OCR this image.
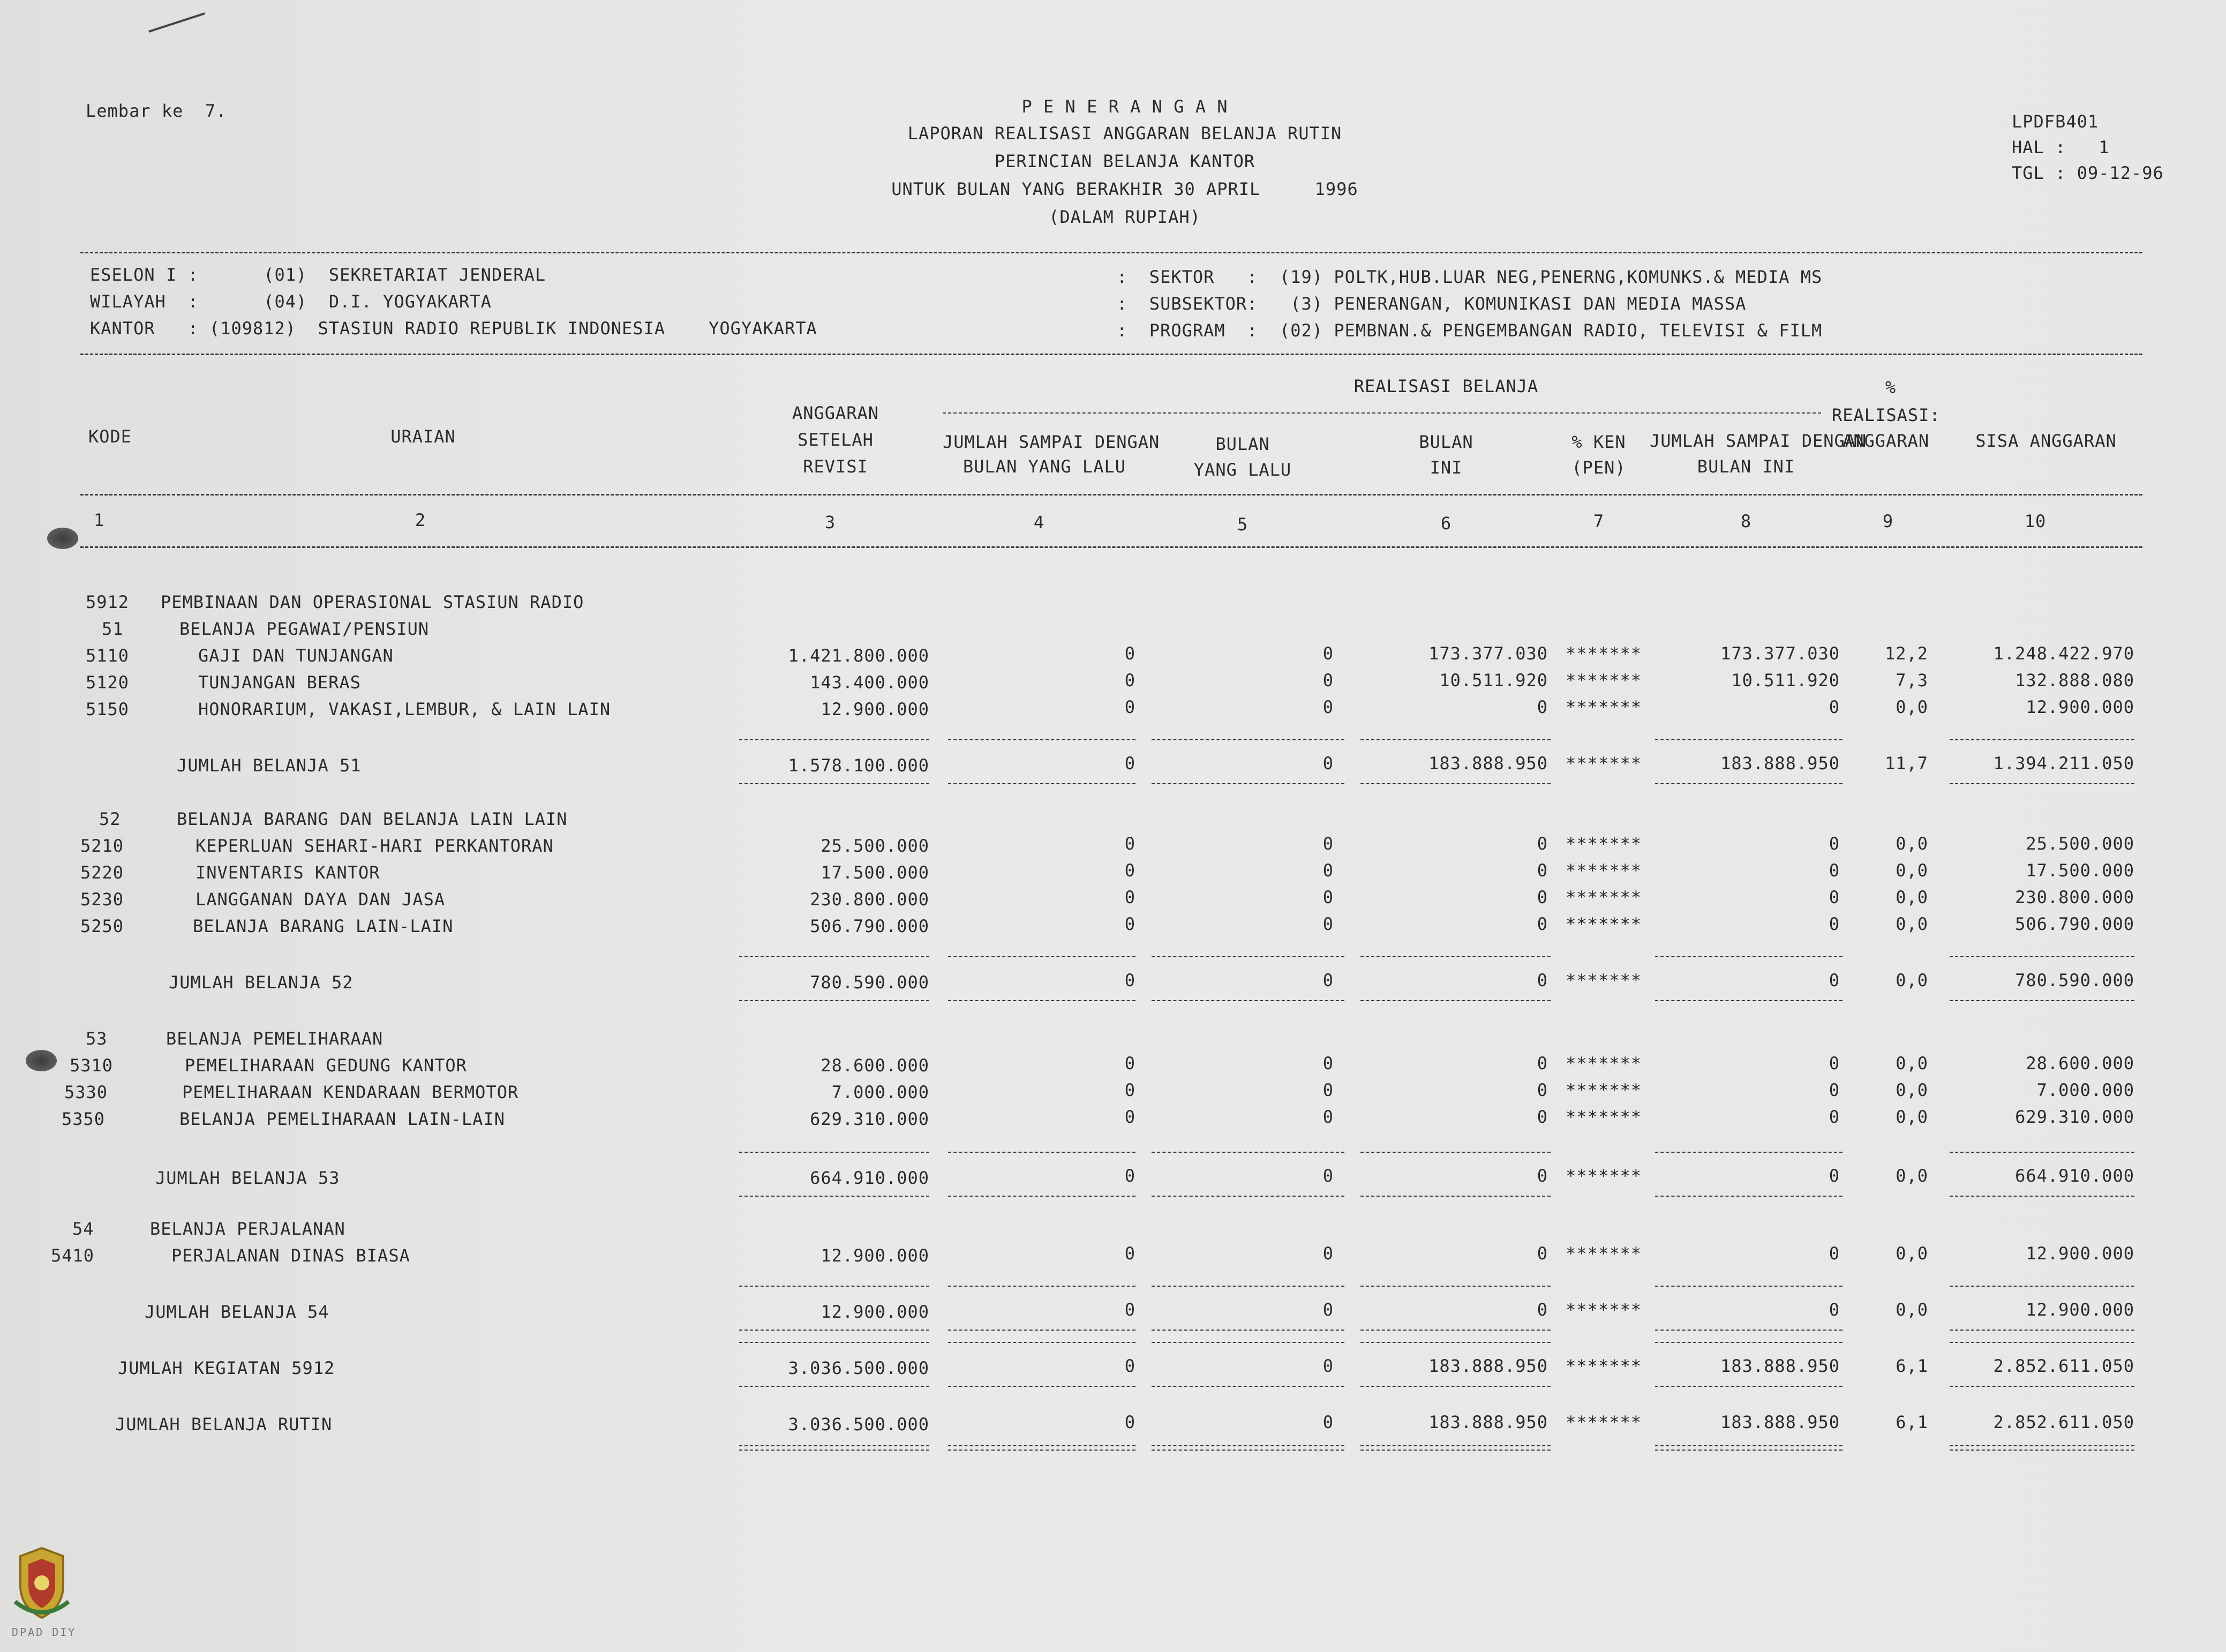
Lembar ke  7.	P E N E R A N G A N
LAPORAN REALISASI ANGGARAN BELANJA RUTIN
PERINCIAN BELANJA KANTOR
UNTUK BULAN YANG BERAKHIR 30 APRIL     1996
(DALAM RUPIAH)
LPDFB401
HAL :   1
TGL : 09-12-96
ESELON I :      (01)  SEKRETARIAT JENDERAL
WILAYAH  :      (04)  D.I. YOGYAKARTA
KANTOR   : (109812)  STASIUN RADIO REPUBLIK INDONESIA    YOGYAKARTA
:  SEKTOR   :  (19) POLTK,HUB.LUAR NEG,PENERNG,KOMUNKS.& MEDIA MS
:  SUBSEKTOR:   (3) PENERANGAN, KOMUNIKASI DAN MEDIA MASSA
:  PROGRAM  :  (02) PEMBNAN.& PENGEMBANGAN RADIO, TELEVISI & FILM
KODE	URAIAN
ANGGARAN
SETELAH
REVISI
REALISASI BELANJA
JUMLAH SAMPAI DENGAN
BULAN YANG LALU
BULAN
YANG LALU
BULAN
INI
% KEN
(PEN)
JUMLAH SAMPAI DENGAN
BULAN INI
%
REALISASI:
ANGGARAN	SISA ANGGARAN
1	2	3	4	5	6	7	8	9	10
5912 PEMBINAAN DAN OPERASIONAL STASIUN RADIO
51	BELANJA PEGAWAI/PENSIUN
5110	GAJI DAN TUNJANGAN	1.421.800.000	0	0	173.377.030	*******	173.377.030	12,2	1.248.422.970
5120	TUNJANGAN BERAS	143.400.000	0	0	10.511.920	*******	10.511.920	7,3	132.888.080
5150	HONORARIUM, VAKASI,LEMBUR, & LAIN LAIN	12.900.000	0	0	0	*******	0	0,0	12.900.000
JUMLAH BELANJA 51	1.578.100.000	0	0	183.888.950	*******	183.888.950	11,7	1.394.211.050
52	BELANJA BARANG DAN BELANJA LAIN LAIN
5210	KEPERLUAN SEHARI-HARI PERKANTORAN	25.500.000	0	0	0	*******	0	0,0	25.500.000
5220	INVENTARIS KANTOR	17.500.000	0	0	0	*******	0	0,0	17.500.000
5230	LANGGANAN DAYA DAN JASA	230.800.000	0	0	0	*******	0	0,0	230.800.000
5250	BELANJA BARANG LAIN-LAIN	506.790.000	0	0	0	*******	0	0,0	506.790.000
JUMLAH BELANJA 52	780.590.000	0	0	0	*******	0	0,0	780.590.000
53	BELANJA PEMELIHARAAN
5310	PEMELIHARAAN GEDUNG KANTOR	28.600.000	0	0	0	*******	0	0,0	28.600.000
5330	PEMELIHARAAN KENDARAAN BERMOTOR	7.000.000	0	0	0	*******	0	0,0	7.000.000
5350	BELANJA PEMELIHARAAN LAIN-LAIN	629.310.000	0	0	0	*******	0	0,0	629.310.000
JUMLAH BELANJA 53	664.910.000	0	0	0	*******	0	0,0	664.910.000
54	BELANJA PERJALANAN
5410	PERJALANAN DINAS BIASA	12.900.000	0	0	0	*******	0	0,0	12.900.000
JUMLAH BELANJA 54	12.900.000	0	0	0	*******	0	0,0	12.900.000
JUMLAH KEGIATAN 5912	3.036.500.000	0	0	183.888.950	*******	183.888.950	6,1	2.852.611.050
JUMLAH BELANJA RUTIN	3.036.500.000	0	0	183.888.950	*******	183.888.950	6,1	2.852.611.050
DPAD DIY
